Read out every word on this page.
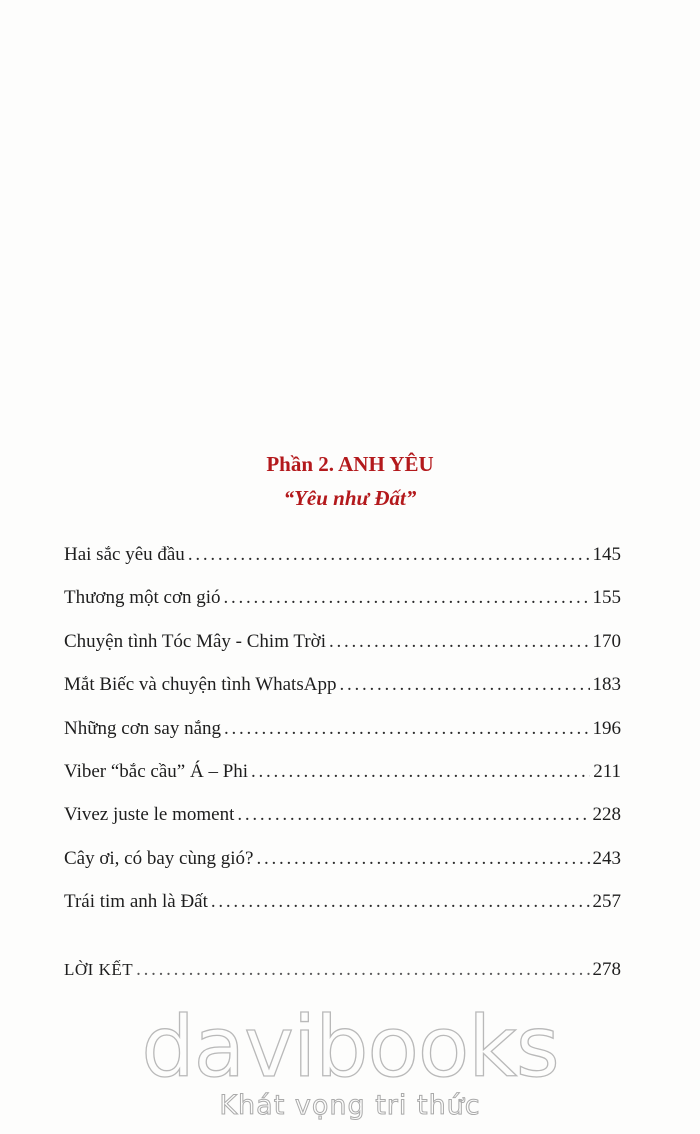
Phần 2. ANH YÊU
“Yêu như Đất”
Hai sắc yêu đầu . . .	145
Thương một cơn gió . . .	155
Chuyện tình Tóc Mây - Chim Trời . . .	170
Mắt Biếc và chuyện tình WhatsApp . . .	183
Những cơn say nắng . . .	196
Viber “bắc cầu” Á – Phi . . .	211
Vivez juste le moment . . .	228
Cây ơi, có bay cùng gió? . . .	243
Trái tim anh là Đất . . .	257
LỜI KẾT . . .	278
davibooks
Khát vọng tri thức
